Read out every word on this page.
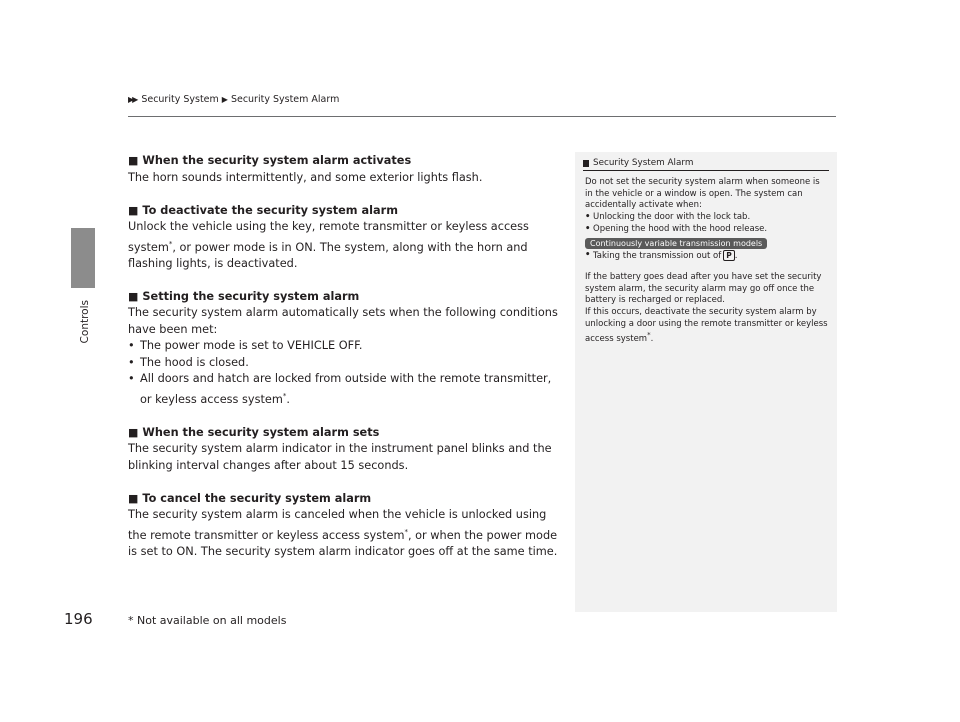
▶▶ Security System ▶ Security System Alarm
Controls
■ When the security system alarm activates

The horn sounds intermittently, and some exterior lights flash.

■ To deactivate the security system alarm

Unlock the vehicle using the key, remote transmitter or keyless access system*, or power mode is in ON. The system, along with the horn and flashing lights, is deactivated.

■ Setting the security system alarm

The security system alarm automatically sets when the following conditions have been met:

• The power mode is set to VEHICLE OFF.
• The hood is closed.
• All doors and hatch are locked from outside with the remote transmitter, or keyless access system*.
■ When the security system alarm sets

The security system alarm indicator in the instrument panel blinks and the blinking interval changes after about 15 seconds.

■ To cancel the security system alarm

The security system alarm is canceled when the vehicle is unlocked using the remote transmitter or keyless access system*, or when the power mode is set to ON. The security system alarm indicator goes off at the same time.

Security System Alarm

Do not set the security system alarm when someone is in the vehicle or a window is open. The system can accidentally activate when:

• Unlocking the door with the lock tab.
• Opening the hood with the hood release.
Continuously variable transmission models
• Taking the transmission out of P .

If the battery goes dead after you have set the security system alarm, the security alarm may go off once the battery is recharged or replaced.

If this occurs, deactivate the security system alarm by unlocking a door using the remote transmitter or keyless access system*.

196	* Not available on all models
